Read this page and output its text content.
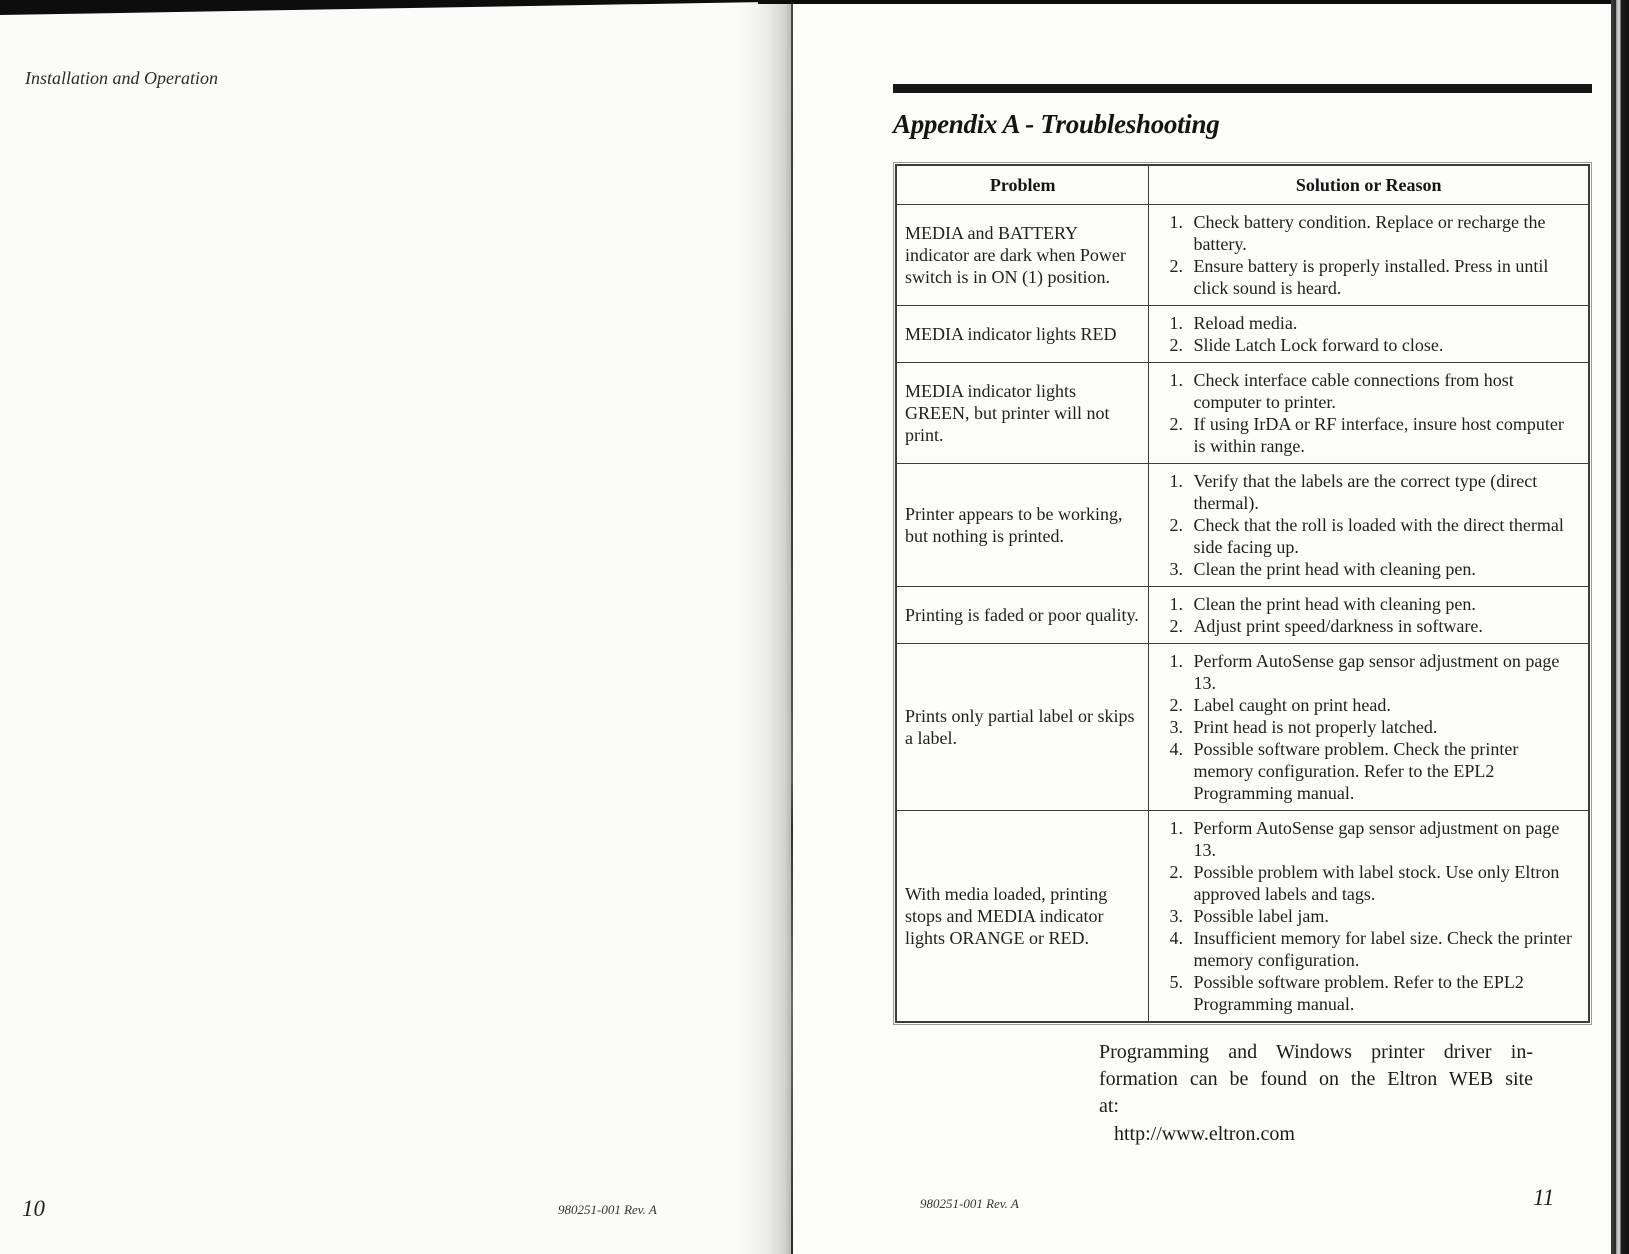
Installation and Operation
10	980251-001 Rev. A
Appendix A - Troubleshooting
Problem	Solution or Reason
MEDIA and BATTERY indicator are dark when Power switch is in ON (1) position.	
1. Check battery condition. Replace or recharge the battery.
2. Ensure battery is properly installed. Press in until click sound is heard.

MEDIA indicator lights RED	
1. Reload media.
2. Slide Latch Lock forward to close.

MEDIA indicator lights GREEN, but printer will not print.	
1. Check interface cable connections from host computer to printer.
2. If using IrDA or RF interface, insure host computer is within range.

Printer appears to be working, but nothing is printed.	
1. Verify that the labels are the correct type (direct thermal).
2. Check that the roll is loaded with the direct thermal side facing up.
3. Clean the print head with cleaning pen.

Printing is faded or poor quality.	
1. Clean the print head with cleaning pen.
2. Adjust print speed/darkness in software.

Prints only partial label or skips a label.	
1. Perform AutoSense gap sensor adjustment on page 13.
2. Label caught on print head.
3. Print head is not properly latched.
4. Possible software problem. Check the printer memory configuration. Refer to the EPL2 Programming manual.

With media loaded, printing stops and MEDIA indicator lights ORANGE or RED.	
1. Perform AutoSense gap sensor adjustment on page 13.
2. Possible problem with label stock. Use only Eltron approved labels and tags.
3. Possible label jam.
4. Insufficient memory for label size. Check the printer memory configuration.
5. Possible software problem. Refer to the EPL2 Programming manual.
Programming and Windows printer driver in-
formation can be found on the Eltron WEB site
at:
http://www.eltron.com
980251-001 Rev. A	11
